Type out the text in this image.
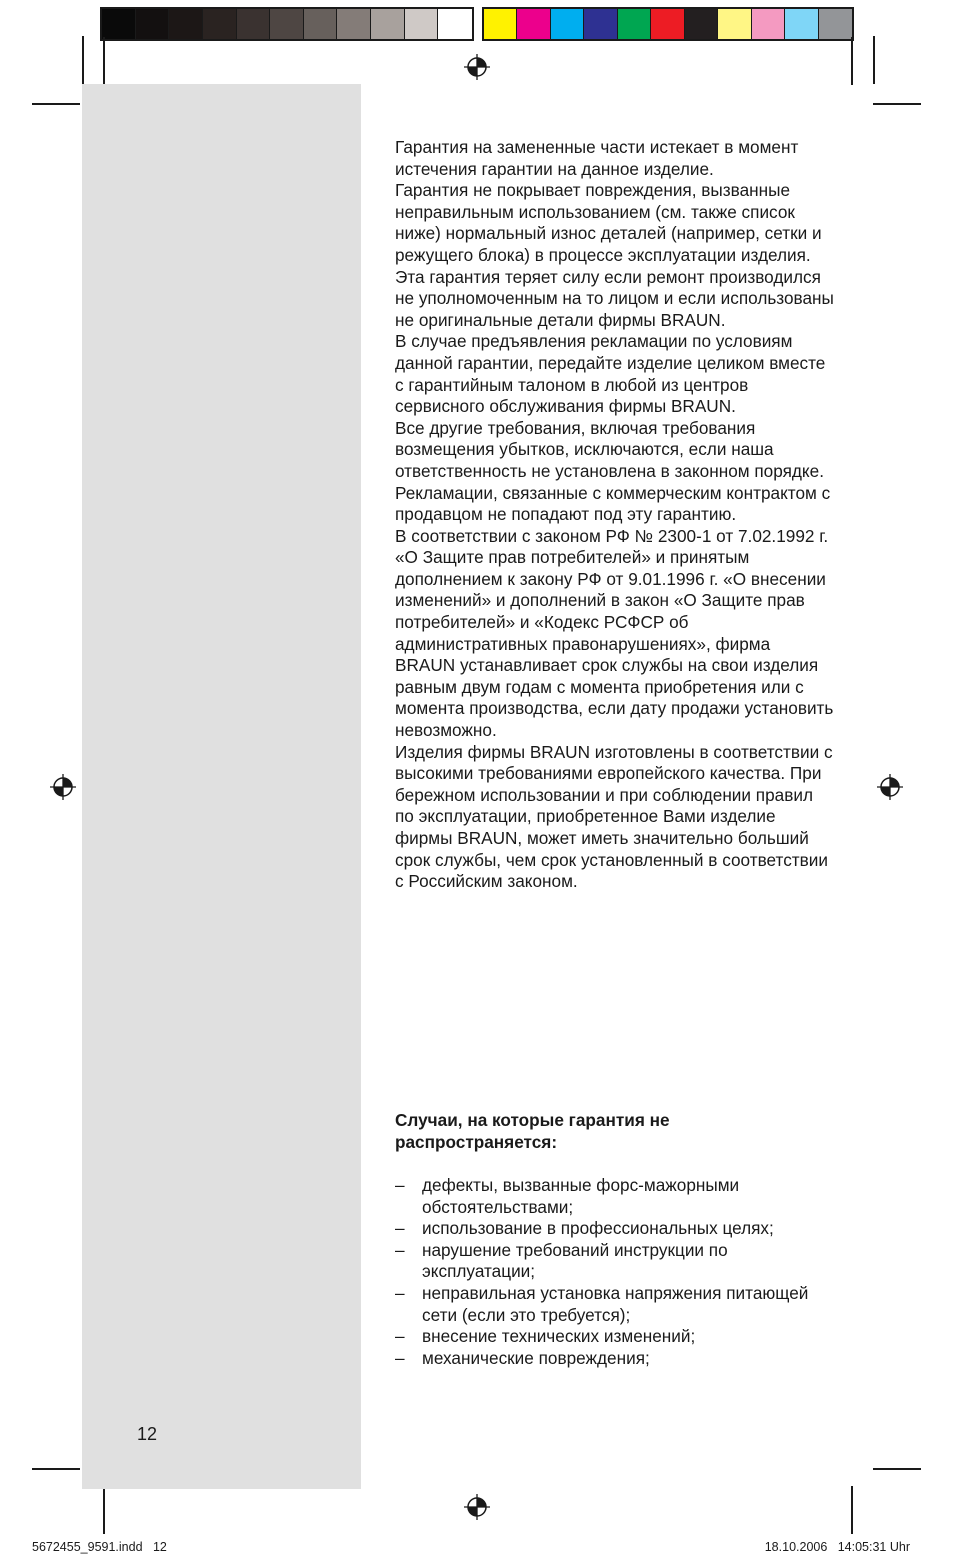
Гарантия на замененные части истекает в момент истечения гарантии на данное изделие.

Гарантия не покрывает повреждения, вызванные неправильным использованием (см. также список ниже) нормальный износ деталей (например, сетки и режущего блока) в процессе эксплуатации изделия.

Эта гарантия теряет силу если ремонт производился не уполномоченным на то лицом и если использованы не оригинальные детали фирмы BRAUN.

В случае предъявления рекламации по условиям данной гарантии, передайте изделие целиком вместе с гарантийным талоном в любой из центров сервисного обслуживания фирмы BRAUN.

Все другие требования, включая требования возмещения убытков, исключаются, если наша ответственность не установлена в законном порядке.

Рекламации, связанные с коммерческим контрактом с продавцом не попадают под эту гарантию.

В соответствии с законом РФ № 2300-1 от 7.02.1992 г. «О Защите прав потребителей» и принятым дополнением к закону РФ от 9.01.1996 г. «О внесении изменений» и дополнений в закон «О Защите прав потребителей» и «Кодекс РСФСР об административных правонарушениях», фирма BRAUN устанавливает срок службы на свои изделия равным двум годам с момента приобретения или с момента производства, если дату продажи установить невозможно.

Изделия фирмы BRAUN изготовлены в соответствии с высокими требованиями европейского качества. При бережном использовании и при соблюдении правил по эксплуатации, приобретенное Вами изделие фирмы BRAUN, может иметь значительно больший срок службы, чем срок установленный в соответствии с Российским законом.

Случаи, на которые гарантия не распространяется:
– дефекты, вызванные форс-мажорными обстоятельствами;
– использование в профессиональных целях;
– нарушение требований инструкции по эксплуатации;
– неправильная установка напряжения питающей сети (если это требуется);
– внесение технических изменений;
– механические повреждения;
12
5672455_9591.indd   12	18.10.2006   14:05:31 Uhr
